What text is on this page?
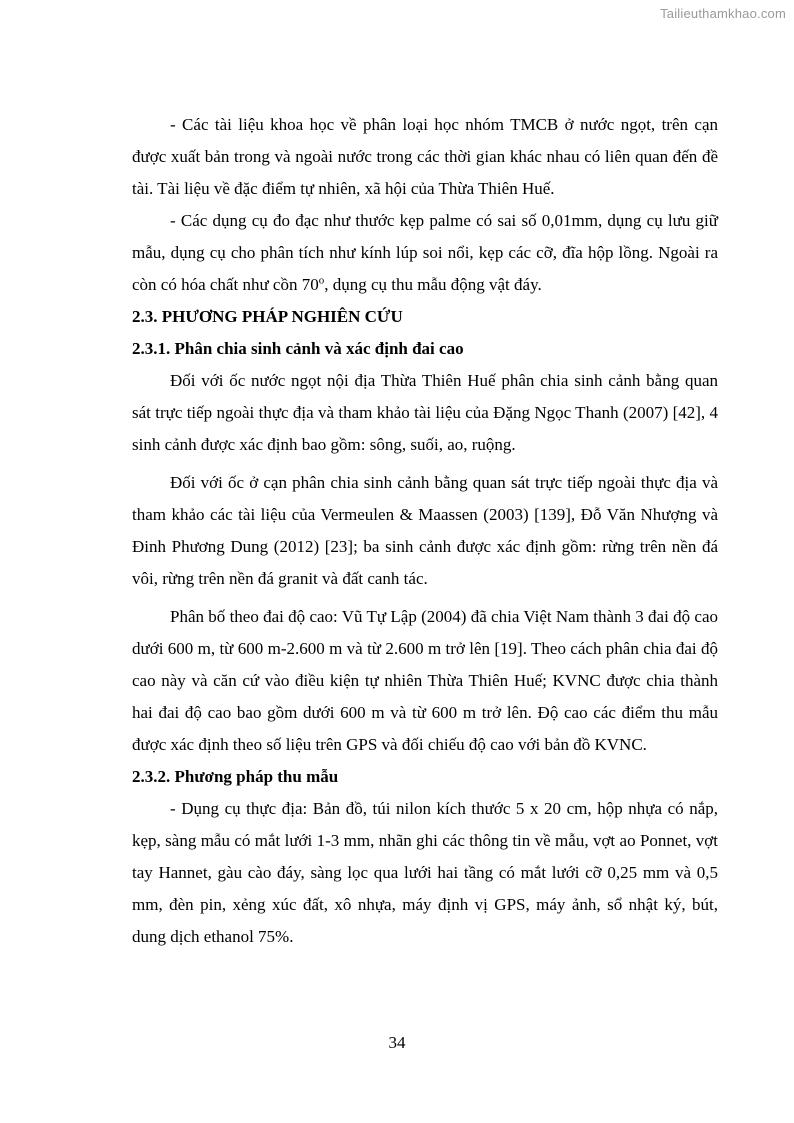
Tailieuthamkhao.com

- Các tài liệu khoa học về phân loại học nhóm TMCB ở nước ngọt, trên cạn được xuất bản trong và ngoài nước trong các thời gian khác nhau có liên quan đến đề tài. Tài liệu về đặc điểm tự nhiên, xã hội của Thừa Thiên Huế.

- Các dụng cụ đo đạc như thước kẹp palme có sai số 0,01mm, dụng cụ lưu giữ mẫu, dụng cụ cho phân tích như kính lúp soi nổi, kẹp các cỡ, đĩa hộp lồng. Ngoài ra còn có hóa chất như cồn 70$^o$, dụng cụ thu mẫu động vật đáy.

2.3. PHƯƠNG PHÁP NGHIÊN CỨU
2.3.1. Phân chia sinh cảnh và xác định đai cao

Đối với ốc nước ngọt nội địa Thừa Thiên Huế phân chia sinh cảnh bằng quan sát trực tiếp ngoài thực địa và tham khảo tài liệu của Đặng Ngọc Thanh (2007) [42], 4 sinh cảnh được xác định bao gồm: sông, suối, ao, ruộng.

Đối với ốc ở cạn phân chia sinh cảnh bằng quan sát trực tiếp ngoài thực địa và tham khảo các tài liệu của Vermeulen & Maassen (2003) [139], Đỗ Văn Nhượng và Đinh Phương Dung (2012) [23]; ba sinh cảnh được xác định gồm: rừng trên nền đá vôi, rừng trên nền đá granit và đất canh tác.

Phân bố theo đai độ cao: Vũ Tự Lập (2004) đã chia Việt Nam thành 3 đai độ cao dưới 600 m, từ 600 m-2.600 m và từ 2.600 m trở lên [19]. Theo cách phân chia đai độ cao này và căn cứ vào điều kiện tự nhiên Thừa Thiên Huế; KVNC được chia thành hai đai độ cao bao gồm dưới 600 m và từ 600 m trở lên. Độ cao các điểm thu mẫu được xác định theo số liệu trên GPS và đối chiếu độ cao với bản đồ KVNC.

2.3.2. Phương pháp thu mẫu

- Dụng cụ thực địa: Bản đồ, túi nilon kích thước 5 x 20 cm, hộp nhựa có nắp, kẹp, sàng mẫu có mắt lưới 1-3 mm, nhãn ghi các thông tin về mẫu, vợt ao Ponnet, vợt tay Hannet, gàu cào đáy, sàng lọc qua lưới hai tầng có mắt lưới cỡ 0,25 mm và 0,5 mm, đèn pin, xẻng xúc đất, xô nhựa, máy định vị GPS, máy ảnh, sổ nhật ký, bút, dung dịch ethanol 75%.

34
